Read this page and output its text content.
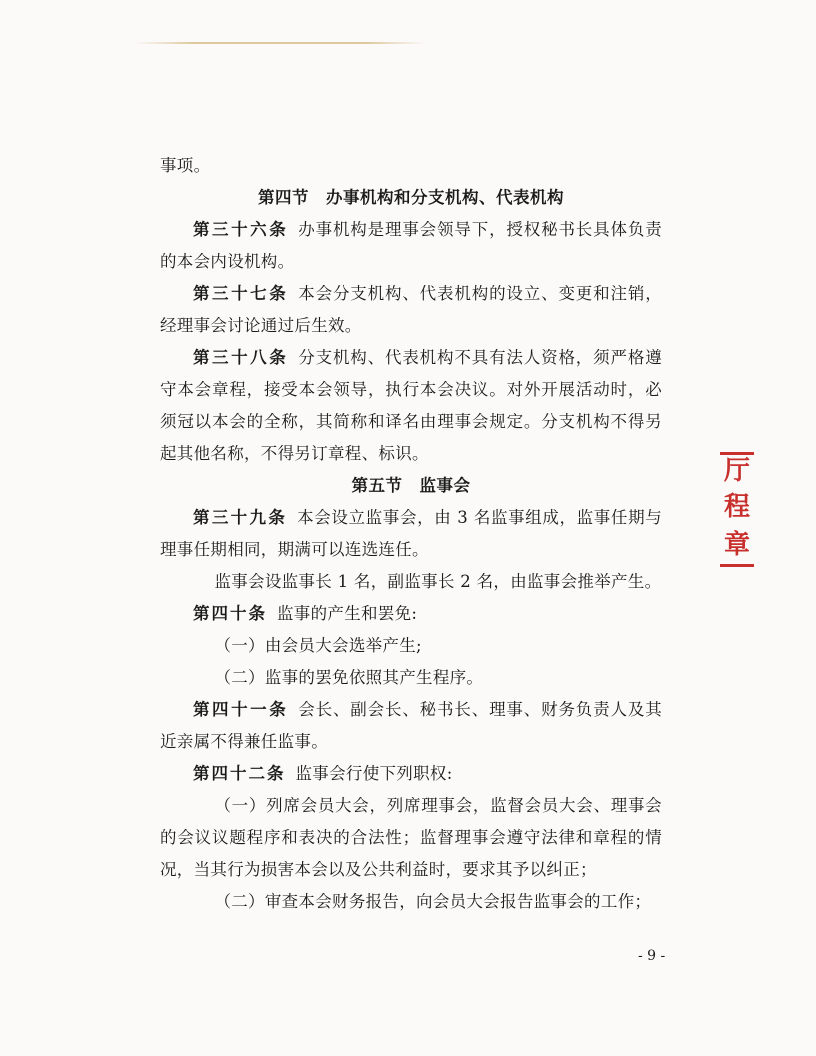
事项。

第四节　办事机构和分支机构、代表机构

第三十六条 办事机构是理事会领导下，授权秘书长具体负责的本会内设机构。

第三十七条 本会分支机构、代表机构的设立、变更和注销，经理事会讨论通过后生效。

第三十八条 分支机构、代表机构不具有法人资格，须严格遵守本会章程，接受本会领导，执行本会决议。对外开展活动时，必须冠以本会的全称，其简称和译名由理事会规定。分支机构不得另起其他名称，不得另订章程、标识。

第五节　监事会

第三十九条 本会设立监事会，由 3 名监事组成，监事任期与理事任期相同，期满可以连选连任。

监事会设监事长 1 名，副监事长 2 名，由监事会推举产生。

第四十条 监事的产生和罢免:

（一）由会员大会选举产生;

（二）监事的罢免依照其产生程序。

第四十一条 会长、副会长、秘书长、理事、财务负责人及其近亲属不得兼任监事。

第四十二条 监事会行使下列职权:

（一）列席会员大会，列席理事会，监督会员大会、理事会的会议议题程序和表决的合法性；监督理事会遵守法律和章程的情况，当其行为损害本会以及公共利益时，要求其予以纠正；

（二）审查本会财务报告，向会员大会报告监事会的工作；

- 9 -
厅
程
章
